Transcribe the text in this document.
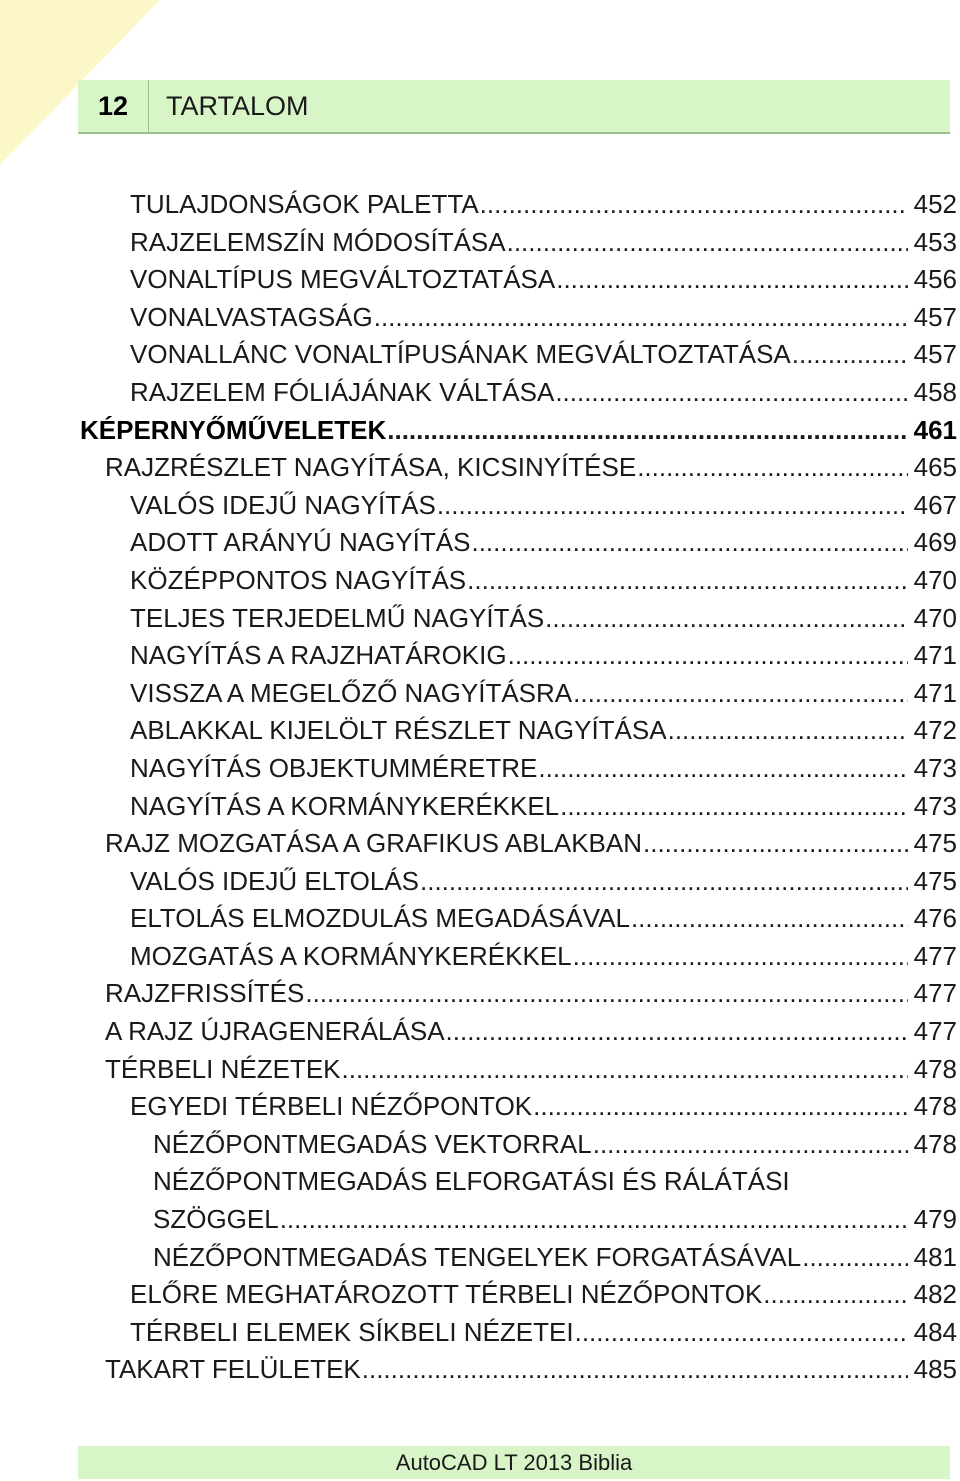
12	TARTALOM
TULAJDONSÁGOK PALETTA .....	452
RAJZELEMSZÍN MÓDOSÍTÁSA .....	453
VONALTÍPUS MEGVÁLTOZTATÁSA .....	456
VONALVASTAGSÁG .....	457
VONALLÁNC VONALTÍPUSÁNAK MEGVÁLTOZTATÁSA .....	457
RAJZELEM FÓLIÁJÁNAK VÁLTÁSA .....	458
KÉPERNYŐMŰVELETEK .....	461
RAJZRÉSZLET NAGYÍTÁSA, KICSINYÍTÉSE .....	465
VALÓS IDEJŰ NAGYÍTÁS .....	467
ADOTT ARÁNYÚ NAGYÍTÁS .....	469
KÖZÉPPONTOS NAGYÍTÁS .....	470
TELJES TERJEDELMŰ NAGYÍTÁS .....	470
NAGYÍTÁS A RAJZHATÁROKIG .....	471
VISSZA A MEGELŐZŐ NAGYÍTÁSRA .....	471
ABLAKKAL KIJELÖLT RÉSZLET NAGYÍTÁSA .....	472
NAGYÍTÁS OBJEKTUMMÉRETRE .....	473
NAGYÍTÁS A KORMÁNYKERÉKKEL .....	473
RAJZ MOZGATÁSA A GRAFIKUS ABLAKBAN .....	475
VALÓS IDEJŰ ELTOLÁS .....	475
ELTOLÁS ELMOZDULÁS MEGADÁSÁVAL .....	476
MOZGATÁS A KORMÁNYKERÉKKEL .....	477
RAJZFRISSÍTÉS .....	477
A RAJZ ÚJRAGENERÁLÁSA .....	477
TÉRBELI NÉZETEK .....	478
EGYEDI TÉRBELI NÉZŐPONTOK .....	478
NÉZŐPONTMEGADÁS VEKTORRAL .....	478
NÉZŐPONTMEGADÁS ELFORGATÁSI ÉS RÁLÁTÁSI
SZÖGGEL .....	479
NÉZŐPONTMEGADÁS TENGELYEK FORGATÁSÁVAL .....	481
ELŐRE MEGHATÁROZOTT TÉRBELI NÉZŐPONTOK .....	482
TÉRBELI ELEMEK SÍKBELI NÉZETEI .....	484
TAKART FELÜLETEK .....	485
AutoCAD LT 2013 Biblia
